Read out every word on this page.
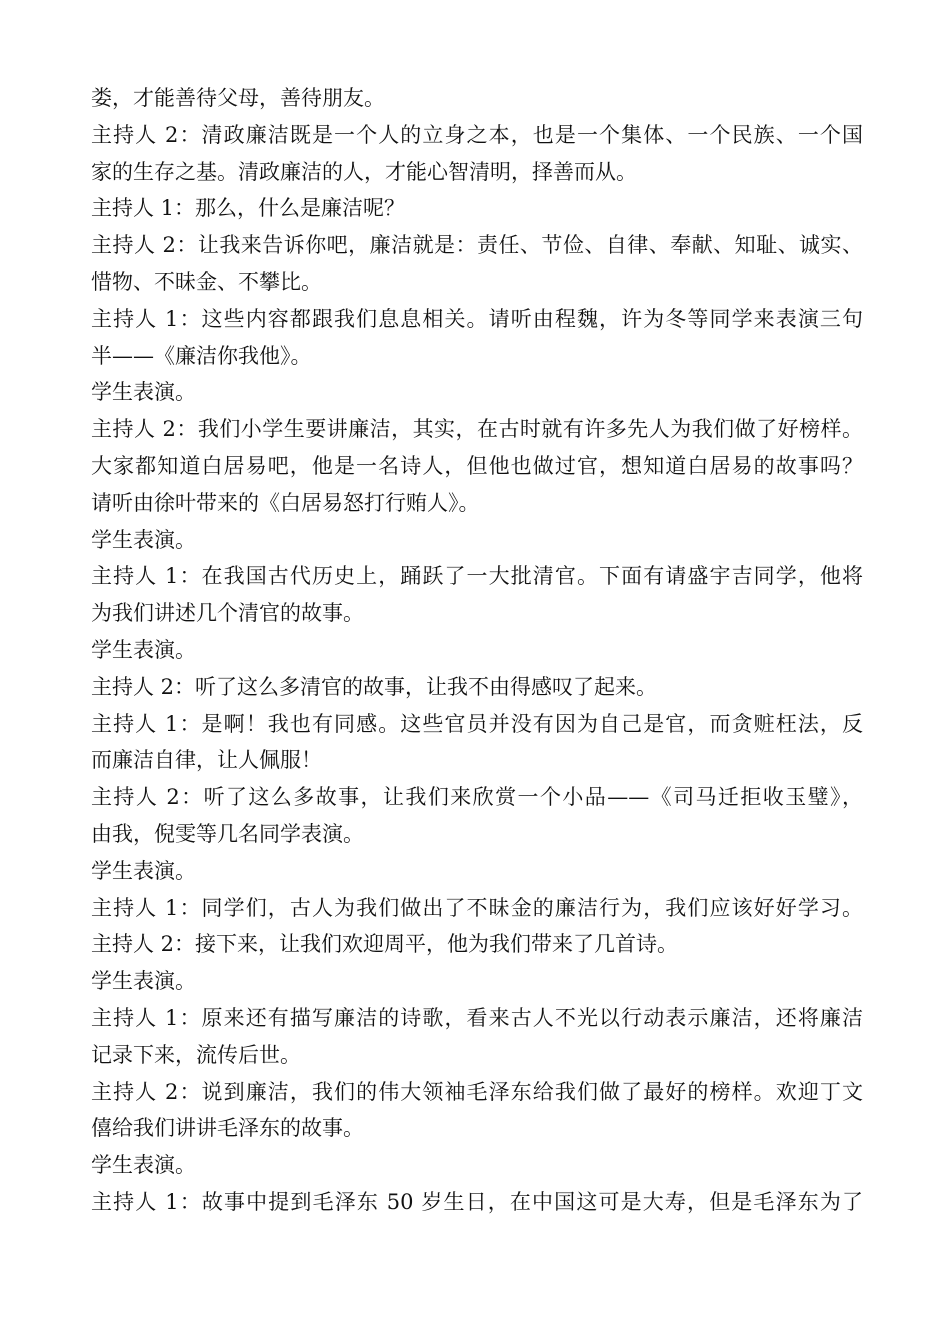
娄，才能善待父母，善待朋友。
主持人 2：清政廉洁既是一个人的立身之本，也是一个集体、一个民族、一个国
家的生存之基。清政廉洁的人，才能心智清明，择善而从。
主持人 1：那么，什么是廉洁呢？
主持人 2：让我来告诉你吧，廉洁就是：责任、节俭、自律、奉献、知耻、诚实、
惜物、不昧金、不攀比。
主持人 1：这些内容都跟我们息息相关。请听由程魏，许为冬等同学来表演三句
半——《廉洁你我他》。
学生表演。
主持人 2：我们小学生要讲廉洁，其实，在古时就有许多先人为我们做了好榜样。
大家都知道白居易吧，他是一名诗人，但他也做过官，想知道白居易的故事吗？
请听由徐叶带来的《白居易怒打行贿人》。
学生表演。
主持人 1：在我国古代历史上，踊跃了一大批清官。下面有请盛宇吉同学，他将
为我们讲述几个清官的故事。
学生表演。
主持人 2：听了这么多清官的故事，让我不由得感叹了起来。
主持人 1：是啊！我也有同感。这些官员并没有因为自己是官，而贪赃枉法，反
而廉洁自律，让人佩服！
主持人 2：听了这么多故事，让我们来欣赏一个小品——《司马迁拒收玉璧》，
由我，倪雯等几名同学表演。
学生表演。
主持人 1：同学们，古人为我们做出了不昧金的廉洁行为，我们应该好好学习。
主持人 2：接下来，让我们欢迎周平，他为我们带来了几首诗。
学生表演。
主持人 1：原来还有描写廉洁的诗歌，看来古人不光以行动表示廉洁，还将廉洁
记录下来，流传后世。
主持人 2：说到廉洁，我们的伟大领袖毛泽东给我们做了最好的榜样。欢迎丁文
僖给我们讲讲毛泽东的故事。
学生表演。
主持人 1：故事中提到毛泽东 50 岁生日，在中国这可是大寿，但是毛泽东为了
